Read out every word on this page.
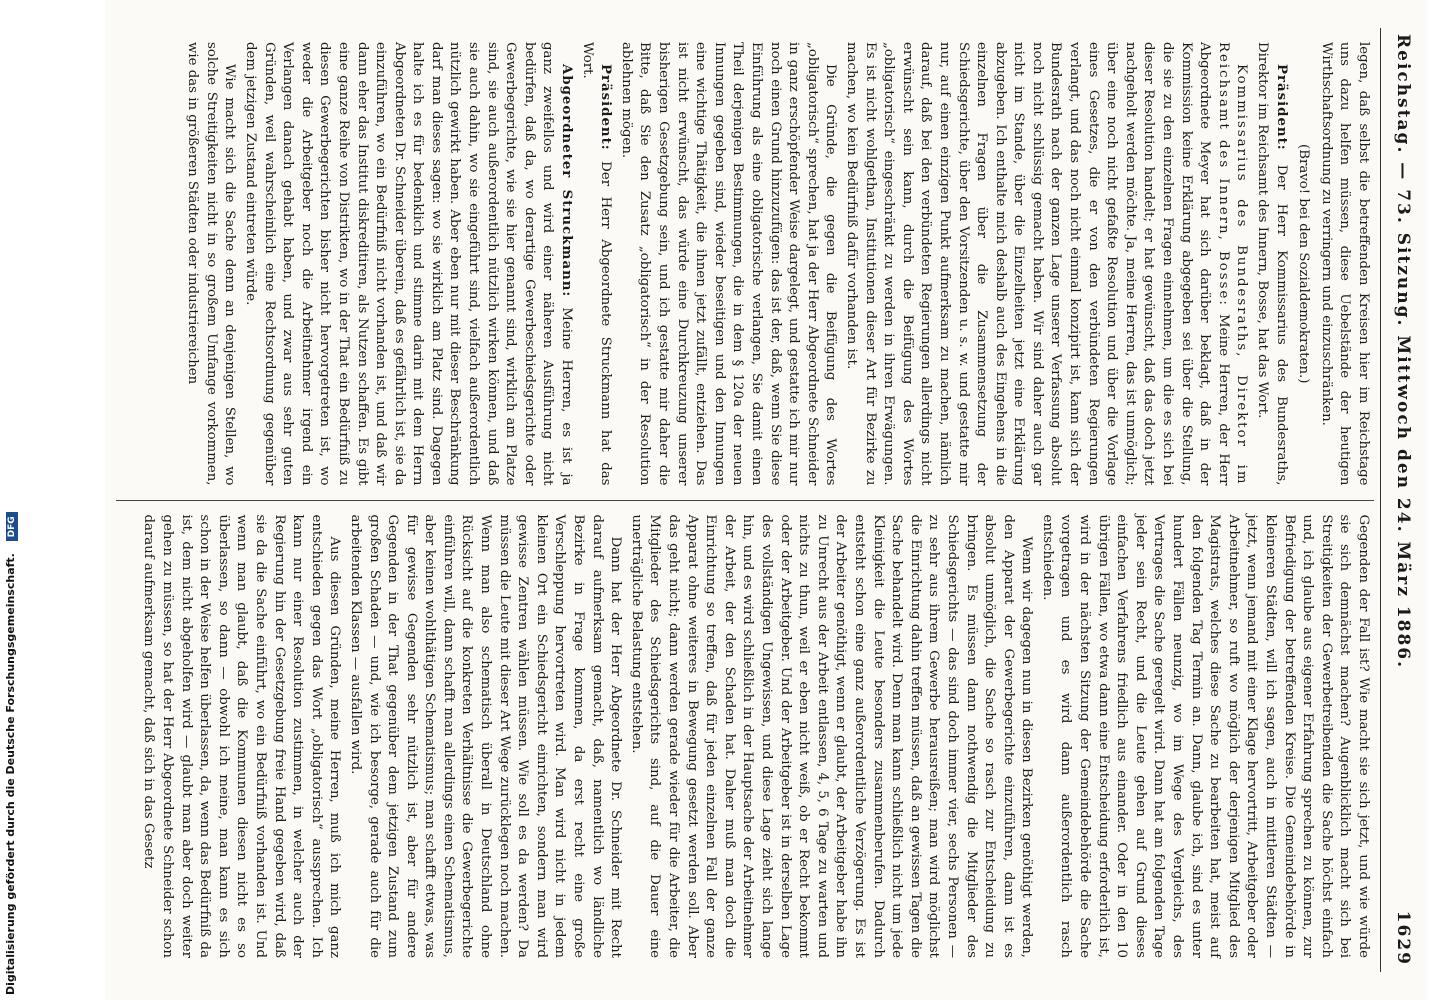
Digitalisierung gefördert durch die Deutsche Forschungsgemeinschaft. DFG	Reichstag. — 73. Sitzung. Mittwoch den 24. März 1886.
1629

legen, daß selbst die betreffenden Kreisen hier im Reichstage uns dazu helfen müssen, diese Uebelstände der heutigen Wirthschaftsordnung zu verringern und einzuschränken.

(Bravo! bei den Sozialdemokraten.)

Präsident: Der Herr Kommissarius des Bundesraths, Direktor im Reichsamt des Innern, Bosse, hat das Wort.

Kommissarius des Bundesraths, Direktor im Reichsamt des Innern, Bosse: Meine Herren, der Herr Abgeordnete Meyer hat sich darüber beklagt, daß in der Kommission keine Erklärung abgegeben sei über die Stellung, die sie zu den einzelnen Fragen einnehmen, um die es sich bei dieser Resolution handelt; er hat gewünscht, daß das doch jetzt nachgeholt werden möchte. Ja, meine Herren, das ist unmöglich; über eine noch nicht gefaßte Resolution und über die Vorlage eines Gesetzes, die er von den verbündeten Regierungen verlangt, und das noch nicht einmal konzipirt ist, kann sich der Bundesrath nach der ganzen Lage unserer Verfassung absolut noch nicht schlüssig gemacht haben. Wir sind daher auch gar nicht im Stande, über die Einzelheiten jetzt eine Erklärung abzugeben. Ich enthalte mich deshalb auch des Eingehens in die einzelnen Fragen über die Zusammensetzung der Schiedsgerichte, über den Vorsitzenden u. s. w. und gestatte mir nur, auf einen einzigen Punkt aufmerksam zu machen, nämlich darauf, daß bei den verbündeten Regierungen allerdings nicht erwünscht sein kann, durch die Beifügung des Wortes „obligatorisch“ eingeschränkt zu werden in ihren Erwägungen. Es ist nicht wohlgethan, Institutionen dieser Art für Bezirke zu machen, wo kein Bedürfniß dafür vorhanden ist.

Die Gründe, die gegen die Beifügung des Wortes „obligatorisch“ sprechen, hat ja der Herr Abgeordnete Schneider in ganz erschöpfender Weise dargelegt, und gestatte ich mir nur noch einen Grund hinzuzufügen: das ist der, daß, wenn Sie diese Einführung als eine obligatorische verlangen, Sie damit einen Theil derjenigen Bestimmungen, die in dem § 120a der neuen Innungen gegeben sind, wieder beseitigen und den Innungen eine wichtige Thätigkeit, die ihnen jetzt zufällt, entziehen. Das ist nicht erwünscht, das würde eine Durchkreuzung unserer bisherigen Gesetzgebung sein, und ich gestatte mir daher die Bitte, daß Sie den Zusatz „obligatorisch“ in der Resolution ablehnen mögen.

Präsident: Der Herr Abgeordnete Struckmann hat das Wort.

Abgeordneter Struckmann: Meine Herren, es ist ja ganz zweifellos und wird einer näheren Ausführung nicht bedürfen, daß da, wo derartige Gewerbeschiedsgerichte oder Gewerbegerichte, wie sie hier genannt sind, wirklich am Platze sind, sie auch außerordentlich nützlich wirken können, und daß sie auch dahin, wo sie eingeführt sind, vielfach außerordentlich nützlich gewirkt haben. Aber eben nur mit dieser Beschränkung darf man dieses sagen: wo sie wirklich am Platz sind. Dagegen halte ich es für bedenklich und stimme darin mit dem Herrn Abgeordneten Dr. Schneider überein, daß es gefährlich ist, sie da einzuführen, wo ein Bedürfniß nicht vorhanden ist, und daß wir dann eher das Institut diskreditiren, als Nutzen schaffen. Es gibt eine ganze Reihe von Distrikten, wo in der That ein Bedürfniß zu diesen Gewerbegerichten bisher nicht hervorgetreten ist, wo weder die Arbeitgeber noch die Arbeitnehmer irgend ein Verlangen danach gehabt haben, und zwar aus sehr guten Gründen, weil wahrscheinlich eine Rechtsordnung gegenüber dem jetzigen Zustand eintreten würde.

Wie macht sich die Sache denn an denjenigen Stellen, wo solche Streitigkeiten nicht in so großem Umfange vorkommen, wie das in größeren Städten oder industriereichen

Gegenden der Fall ist? Wie macht sie sich jetzt, und wie würde sie sich demnächst machen? Augenblicklich macht sich bei Streitigkeiten der Gewerbetreibenden die Sache höchst einfach und, ich glaube aus eigener Erfahrung sprechen zu können, zur Befriedigung der betreffenden Kreise. Die Gemeindebehörde in kleineren Städten, will ich sagen, auch in mittleren Städten — jetzt, wenn jemand mit einer Klage hervortritt, Arbeitgeber oder Arbeitnehmer, so ruft wo möglich der derjenigen Mitglied des Magistrats, welches diese Sache zu bearbeiten hat, meist auf den folgenden Tag Termin an. Dann, glaube ich, sind es unter hundert Fällen neunzig, wo im Wege des Vergleichs, des Vertrages die Sache geregelt wird. Dann hat am folgenden Tage jeder sein Recht, und die Leute gehen auf Grund dieses einfachen Verfahrens friedlich aus einander. Oder in den 10 übrigen Fällen, wo etwa dann eine Entscheidung erforderlich ist, wird in der nächsten Sitzung der Gemeindebehörde die Sache vorgetragen und es wird dann außerordentlich rasch entschieden.

Wenn wir dagegen nun in diesen Bezirken genöthigt werden, den Apparat der Gewerbegerichte einzuführen, dann ist es absolut unmöglich, die Sache so rasch zur Entscheidung zu bringen. Es müssen dann nothwendig die Mitglieder des Schiedsgerichts — das sind doch immer vier, sechs Personen — zu sehr aus ihrem Gewerbe herausreißen; man wird möglichst die Einrichtung dahin treffen müssen, daß an gewissen Tagen die Sache behandelt wird. Denn man kann schließlich nicht um jede Kleinigkeit die Leute besonders zusammenberufen. Dadurch entsteht schon eine ganz außerordentliche Verzögerung. Es ist der Arbeiter genöthigt, wenn er glaubt, der Arbeitgeber habe ihn zu Unrecht aus der Arbeit entlassen, 4, 5, 6 Tage zu warten und nichts zu thun, weil er eben nicht weiß, ob er Recht bekommt oder der Arbeitgeber. Und der Arbeitgeber ist in derselben Lage des vollständigen Ungewissen, und diese Lage zieht sich lange hin, und es wird schließlich in der Hauptsache der Arbeitnehmer der Arbeit, der den Schaden hat. Daher muß man doch die Einrichtung so treffen, daß für jeden einzelnen Fall der ganze Apparat ohne weiteres in Bewegung gesetzt werden soll. Aber das geht nicht; dann werden gerade wieder für die Arbeiter, die Mitglieder des Schiedsgerichts sind, auf die Dauer eine unerträgliche Belastung entstehen.

Dann hat der Herr Abgeordnete Dr. Schneider mit Recht darauf aufmerksam gemacht, daß, namentlich wo ländliche Bezirke in Frage kommen, da erst recht eine große Verschleppung hervortreten wird. Man wird nicht in jedem kleinen Ort ein Schiedsgericht einrichten, sondern man wird gewisse Zentren wählen müssen. Wie soll es da werden? Da müssen die Leute mit dieser Art Wege zurücklegen noch machen. Wenn man also schematisch überall in Deutschland ohne Rücksicht auf die konkreten Verhältnisse die Gewerbegerichte einführen will, dann schafft man allerdings einen Schematismus, aber keinen wohlthätigen Schematismus; man schafft etwas, was für gewisse Gegenden sehr nützlich ist, aber für andere Gegenden in der That gegenüber dem jetzigen Zustand zum großen Schaden — und, wie ich besorge, gerade auch für die arbeitenden Klassen — ausfallen wird.

Aus diesen Gründen, meine Herren, muß ich mich ganz entschieden gegen das Wort „obligatorisch“ aussprechen. Ich kann nur einer Resolution zustimmen, in welcher auch der Regierung hin der Gesetzgebung freie Hand gegeben wird, daß sie da die Sache einführt, wo ein Bedürfniß vorhanden ist. Und wenn man glaubt, daß die Kommunen diesen nicht es so überlassen, so dann — obwohl ich meine, man kann es sich schon in der Weise helfen überlassen, da, wenn das Bedürfniß da ist, dem nicht abgeholfen wird — glaubt man aber doch weiter gehen zu müssen, so hat der Herr Abgeordnete Schneider schon darauf aufmerksam gemacht, daß sich in das Gesetz
